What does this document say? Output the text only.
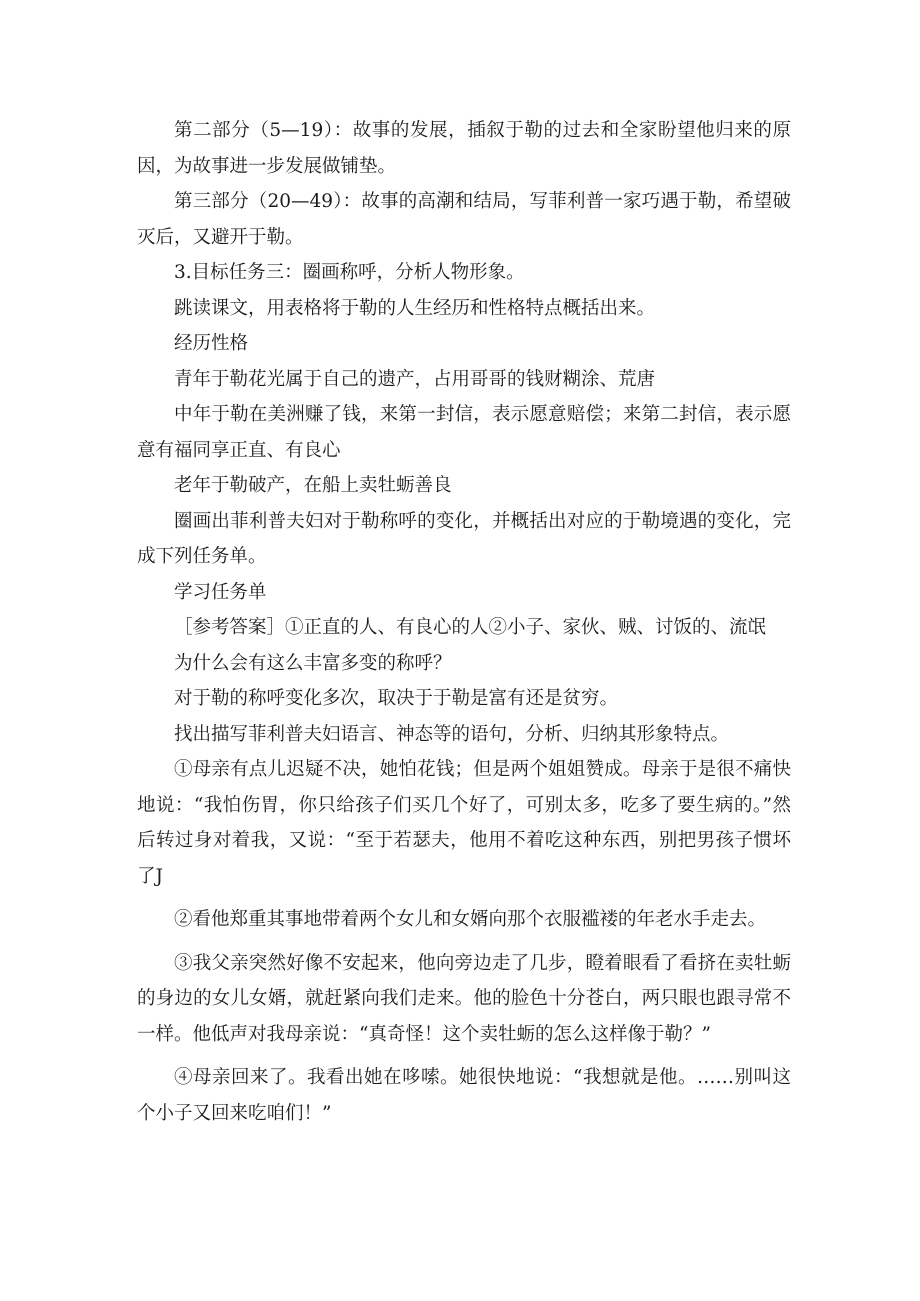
第二部分（5—19）：故事的发展，插叙于勒的过去和全家盼望他归来的原因，为故事进一步发展做铺垫。

第三部分（20—49）：故事的高潮和结局，写菲利普一家巧遇于勒，希望破灭后，又避开于勒。

3.目标任务三：圈画称呼，分析人物形象。

跳读课文，用表格将于勒的人生经历和性格特点概括出来。

经历性格

青年于勒花光属于自己的遗产，占用哥哥的钱财糊涂、荒唐

中年于勒在美洲赚了钱，来第一封信，表示愿意赔偿；来第二封信，表示愿意有福同享正直、有良心

老年于勒破产，在船上卖牡蛎善良

圈画出菲利普夫妇对于勒称呼的变化，并概括出对应的于勒境遇的变化，完成下列任务单。

学习任务单

［参考答案］①正直的人、有良心的人②小子、家伙、贼、讨饭的、流氓

为什么会有这么丰富多变的称呼？

对于勒的称呼变化多次，取决于于勒是富有还是贫穷。

找出描写菲利普夫妇语言、神态等的语句，分析、归纳其形象特点。

①母亲有点儿迟疑不决，她怕花钱；但是两个姐姐赞成。母亲于是很不痛快地说：“我怕伤胃，你只给孩子们买几个好了，可别太多，吃多了要生病的。”然后转过身对着我，又说：“至于若瑟夫，他用不着吃这种东西，别把男孩子惯坏了J

②看他郑重其事地带着两个女儿和女婿向那个衣服褴褛的年老水手走去。

③我父亲突然好像不安起来，他向旁边走了几步，瞪着眼看了看挤在卖牡蛎的身边的女儿女婿，就赶紧向我们走来。他的脸色十分苍白，两只眼也跟寻常不一样。他低声对我母亲说：“真奇怪！这个卖牡蛎的怎么这样像于勒？”

④母亲回来了。我看出她在哆嗦。她很快地说：“我想就是他。……别叫这个小子又回来吃咱们！”
